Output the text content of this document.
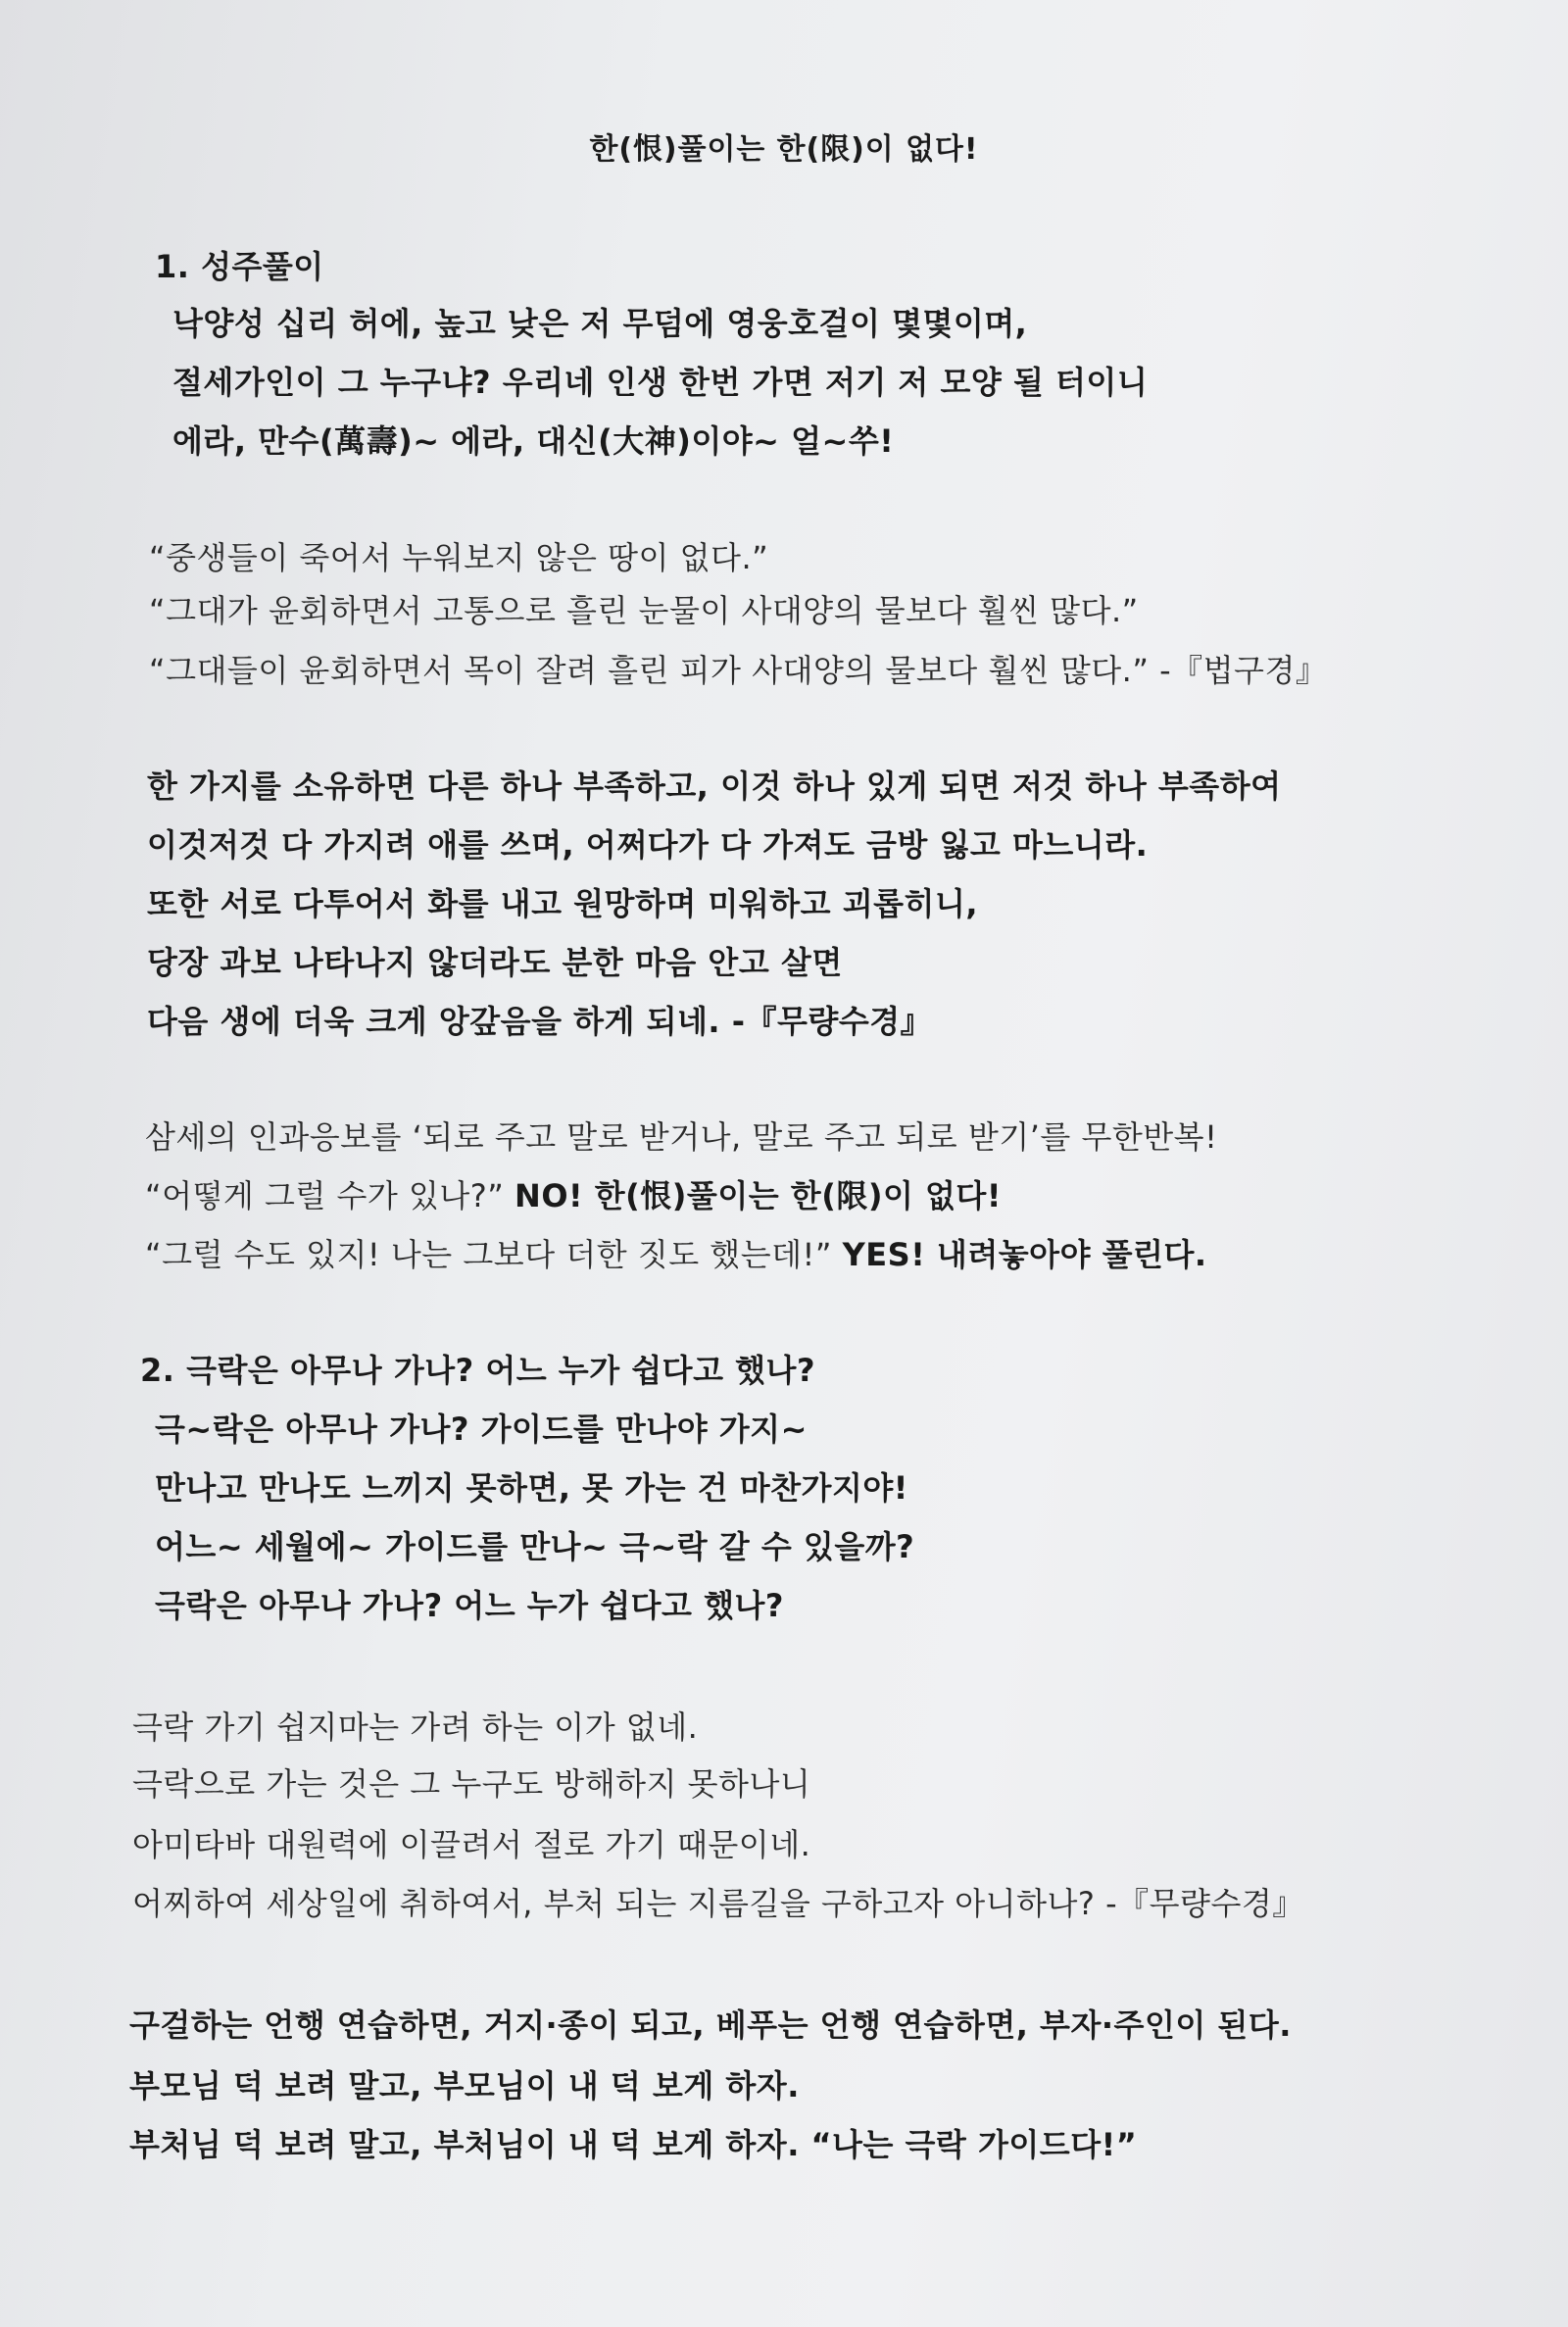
한(恨)풀이는 한(限)이 없다!
1. 성주풀이
낙양성 십리 허에, 높고 낮은 저 무덤에 영웅호걸이 몇몇이며,
절세가인이 그 누구냐? 우리네 인생 한번 가면 저기 저 모양 될 터이니
에라, 만수(萬壽)~ 에라, 대신(大神)이야~ 얼~쑤!
“중생들이 죽어서 누워보지 않은 땅이 없다.”
“그대가 윤회하면서 고통으로 흘린 눈물이 사대양의 물보다 훨씬 많다.”
“그대들이 윤회하면서 목이 잘려 흘린 피가 사대양의 물보다 훨씬 많다.” -『법구경』
한 가지를 소유하면 다른 하나 부족하고, 이것 하나 있게 되면 저것 하나 부족하여
이것저것 다 가지려 애를 쓰며, 어쩌다가 다 가져도 금방 잃고 마느니라.
또한 서로 다투어서 화를 내고 원망하며 미워하고 괴롭히니,
당장 과보 나타나지 않더라도 분한 마음 안고 살면
다음 생에 더욱 크게 앙갚음을 하게 되네. -『무량수경』
삼세의 인과응보를 ‘되로 주고 말로 받거나, 말로 주고 되로 받기’를 무한반복!
“어떻게 그럴 수가 있나?” NO! 한(恨)풀이는 한(限)이 없다!
“그럴 수도 있지! 나는 그보다 더한 짓도 했는데!” YES! 내려놓아야 풀린다.
2. 극락은 아무나 가나? 어느 누가 쉽다고 했나?
극~락은 아무나 가나? 가이드를 만나야 가지~
만나고 만나도 느끼지 못하면, 못 가는 건 마찬가지야!
어느~ 세월에~ 가이드를 만나~ 극~락 갈 수 있을까?
극락은 아무나 가나? 어느 누가 쉽다고 했나?
극락 가기 쉽지마는 가려 하는 이가 없네.
극락으로 가는 것은 그 누구도 방해하지 못하나니
아미타바 대원력에 이끌려서 절로 가기 때문이네.
어찌하여 세상일에 취하여서, 부처 되는 지름길을 구하고자 아니하나? -『무량수경』
구걸하는 언행 연습하면, 거지·종이 되고, 베푸는 언행 연습하면, 부자·주인이 된다.
부모님 덕 보려 말고, 부모님이 내 덕 보게 하자.
부처님 덕 보려 말고, 부처님이 내 덕 보게 하자. “나는 극락 가이드다!”
